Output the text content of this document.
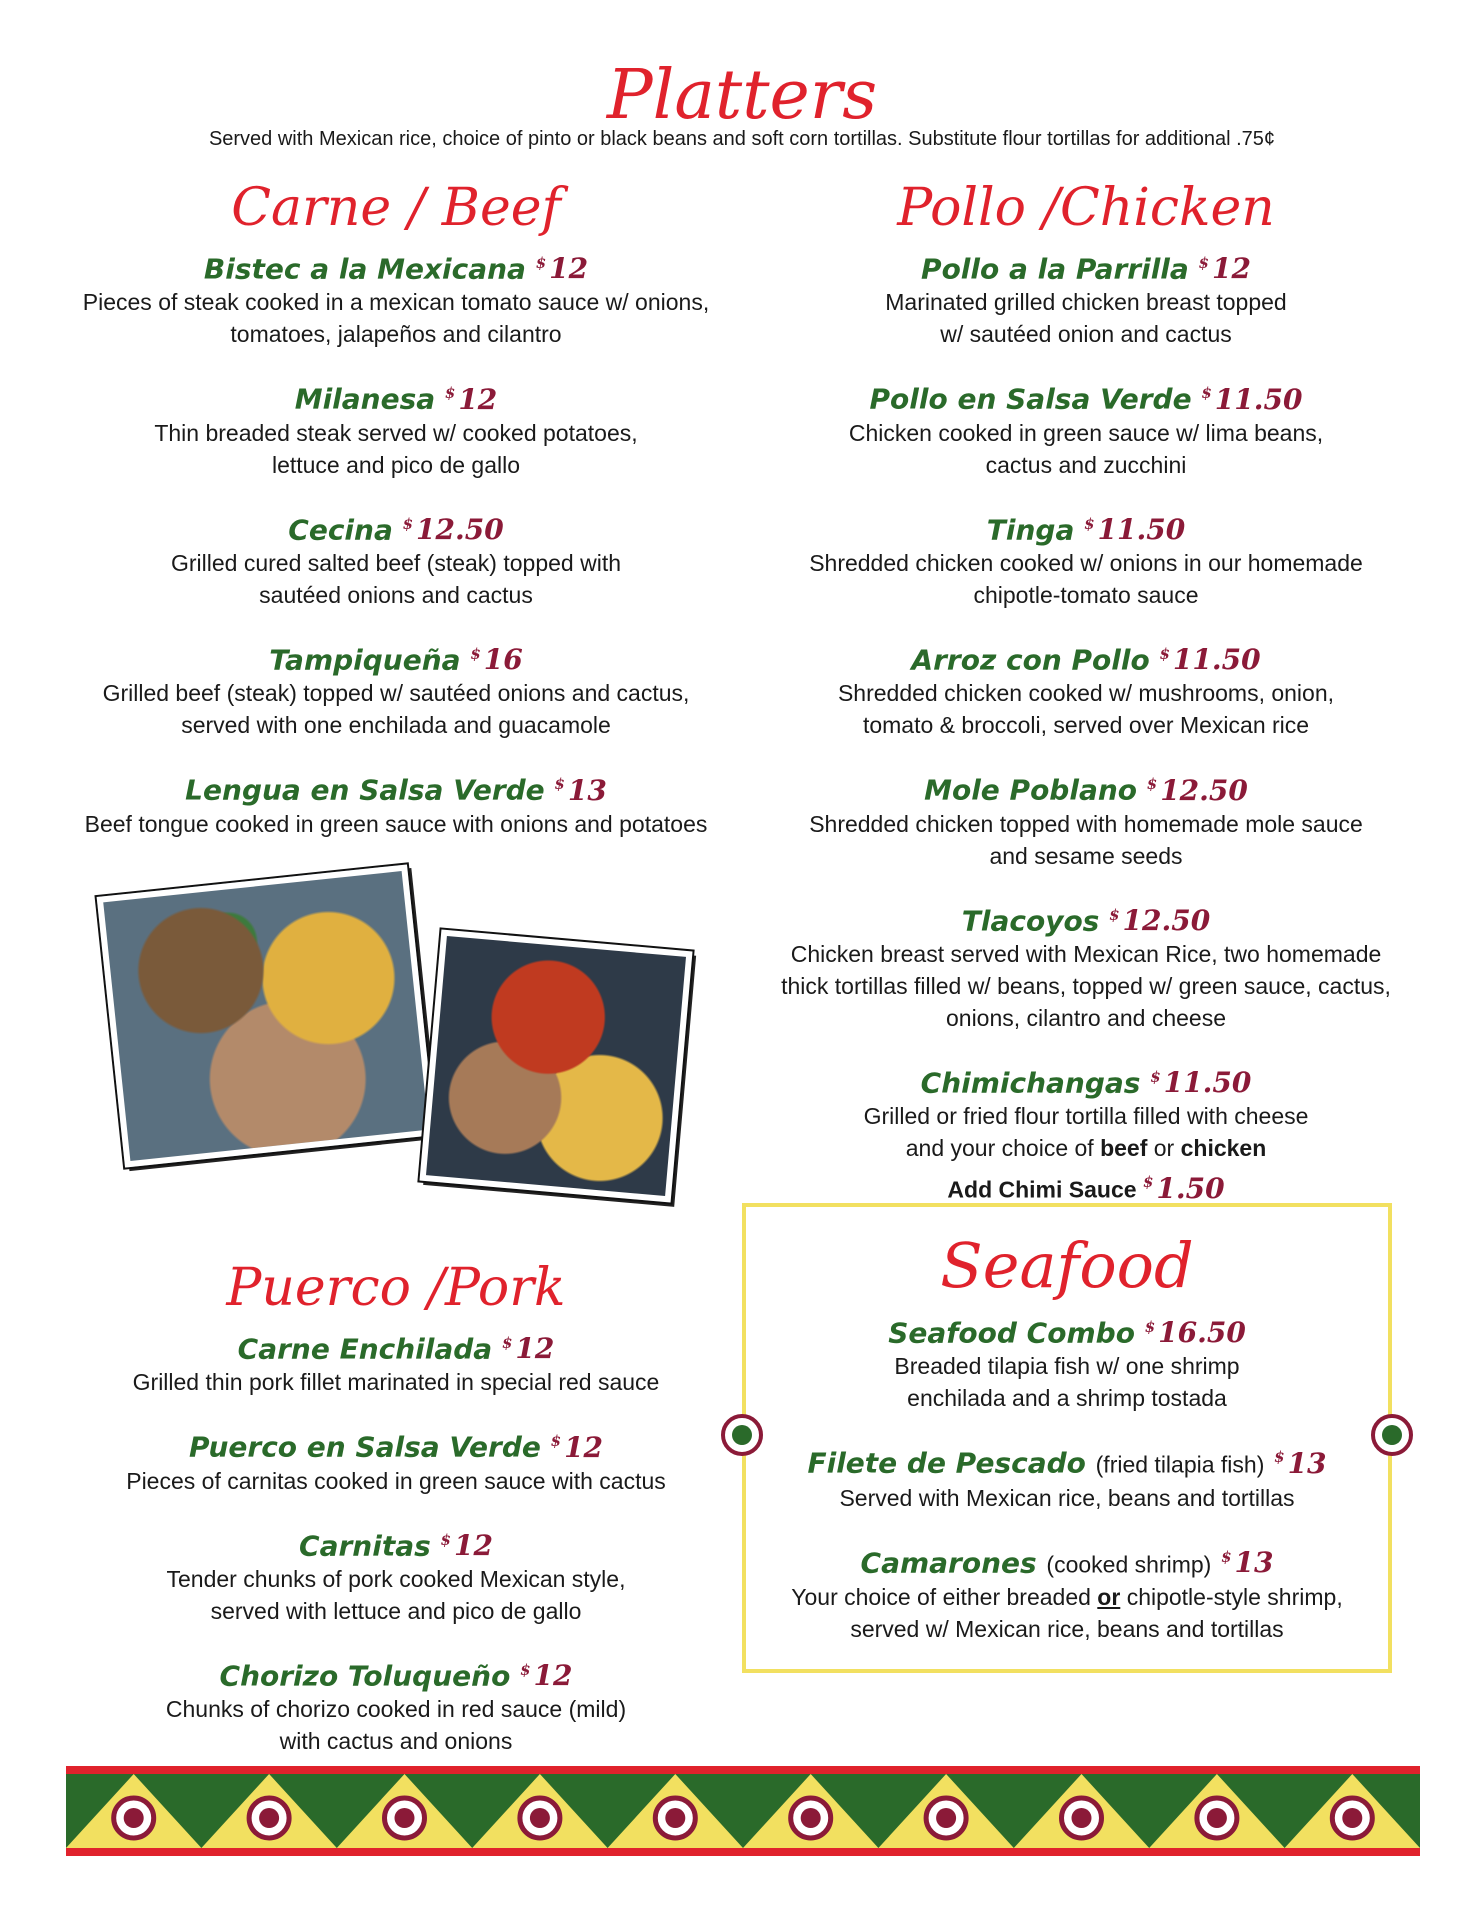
Platters
Served with Mexican rice, choice of pinto or black beans and soft corn tortillas. Substitute flour tortillas for additional .75¢
Carne / Beef
Bistec a la Mexicana $ 12
Pieces of steak cooked in a mexican tomato sauce w/ onions,
tomatoes, jalapeños and cilantro
Milanesa $ 12
Thin breaded steak served w/ cooked potatoes,
lettuce and pico de gallo
Cecina $ 12.50
Grilled cured salted beef (steak) topped with
sautéed onions and cactus
Tampiqueña $ 16
Grilled beef (steak) topped w/ sautéed onions and cactus,
served with one enchilada and guacamole
Lengua en Salsa Verde $ 13
Beef tongue cooked in green sauce with onions and potatoes
Pollo /Chicken
Pollo a la Parrilla $ 12
Marinated grilled chicken breast topped
w/ sautéed onion and cactus
Pollo en Salsa Verde $ 11.50
Chicken cooked in green sauce w/ lima beans,
cactus and zucchini
Tinga $ 11.50
Shredded chicken cooked w/ onions in our homemade
chipotle-tomato sauce
Arroz con Pollo $ 11.50
Shredded chicken cooked w/ mushrooms, onion,
tomato & broccoli, served over Mexican rice
Mole Poblano $ 12.50
Shredded chicken topped with homemade mole sauce
and sesame seeds
Tlacoyos $ 12.50
Chicken breast served with Mexican Rice, two homemade
thick tortillas filled w/ beans, topped w/ green sauce, cactus,
onions, cilantro and cheese
Chimichangas $ 11.50
Grilled or fried flour tortilla filled with cheese
and your choice of beef or chicken
Add Chimi Sauce $ 1.50
Puerco /Pork
Carne Enchilada $ 12
Grilled thin pork fillet marinated in special red sauce
Puerco en Salsa Verde $ 12
Pieces of carnitas cooked in green sauce with cactus
Carnitas $ 12
Tender chunks of pork cooked Mexican style,
served with lettuce and pico de gallo
Chorizo Toluqueño $ 12
Chunks of chorizo cooked in red sauce (mild)
with cactus and onions
Seafood
Seafood Combo $ 16.50
Breaded tilapia fish w/ one shrimp
enchilada and a shrimp tostada
Filete de Pescado (fried tilapia fish) $ 13
Served with Mexican rice, beans and tortillas
Camarones (cooked shrimp) $ 13
Your choice of either breaded or chipotle-style shrimp,
served w/ Mexican rice, beans and tortillas
